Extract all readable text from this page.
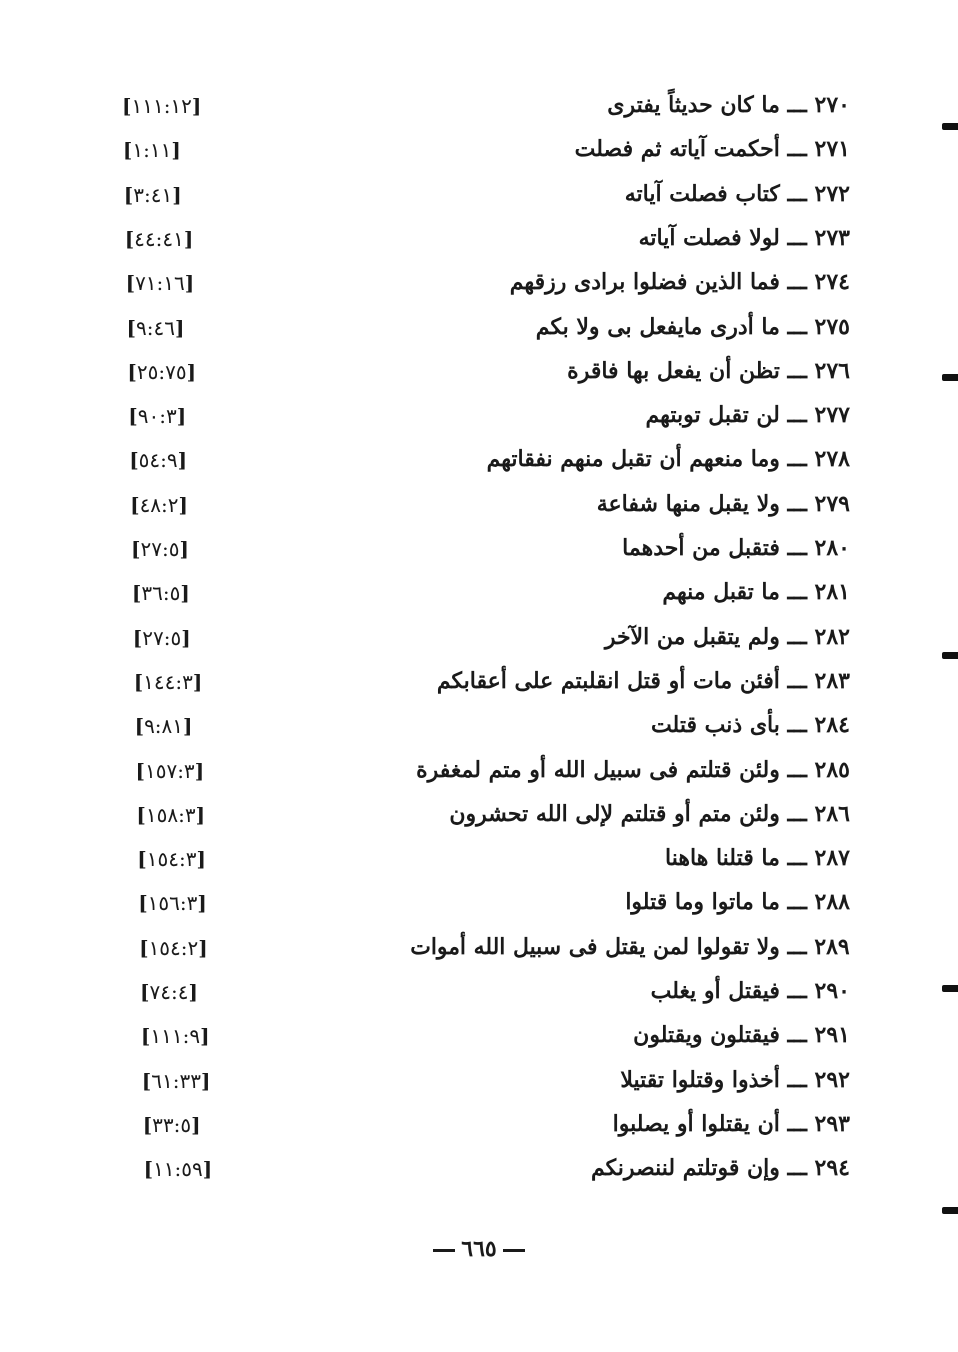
٢٧٠ ـــ ما كان حديثاً يفترى
[١١١:١٢]
٢٧١ ـــ أحكمت آياته ثم فصلت
[١:١١]
٢٧٢ ـــ كتاب فصلت آياته
[٣:٤١]
٢٧٣ ـــ لولا فصلت آياته
[٤٤:٤١]
٢٧٤ ـــ فما الذين فضلوا برادى رزقهم
[٧١:١٦]
٢٧٥ ـــ ما أدرى مايفعل بى ولا بكم
[٩:٤٦]
٢٧٦ ـــ تظن أن يفعل بها فاقرة
[٢٥:٧٥]
٢٧٧ ـــ لن تقبل توبتهم
[٩٠:٣]
٢٧٨ ـــ وما منعهم أن تقبل منهم نفقاتهم
[٥٤:٩]
٢٧٩ ـــ ولا يقبل منها شفاعة
[٤٨:٢]
٢٨٠ ـــ فتقبل من أحدهما
[٢٧:٥]
٢٨١ ـــ ما تقبل منهم
[٣٦:٥]
٢٨٢ ـــ ولم يتقبل من الآخر
[٢٧:٥]
٢٨٣ ـــ أفئن مات أو قتل انقلبتم على أعقابكم
[١٤٤:٣]
٢٨٤ ـــ بأى ذنب قتلت
[٩:٨١]
٢٨٥ ـــ ولئن قتلتم فى سبيل الله أو متم لمغفرة
[١٥٧:٣]
٢٨٦ ـــ ولئن متم أو قتلتم لإلى الله تحشرون
[١٥٨:٣]
٢٨٧ ـــ ما قتلنا هاهنا
[١٥٤:٣]
٢٨٨ ـــ ما ماتوا وما قتلوا
[١٥٦:٣]
٢٨٩ ـــ ولا تقولوا لمن يقتل فى سبيل الله أموات
[١٥٤:٢]
٢٩٠ ـــ فيقتل أو يغلب
[٧٤:٤]
٢٩١ ـــ فيقتلون ويقتلون
[١١١:٩]
٢٩٢ ـــ أخذوا وقتلوا تقتيلا
[٦١:٣٣]
٢٩٣ ـــ أن يقتلوا أو يصلبوا
[٣٣:٥]
٢٩٤ ـــ وإن قوتلتم لننصرنكم
[١١:٥٩]
٦٦٥
